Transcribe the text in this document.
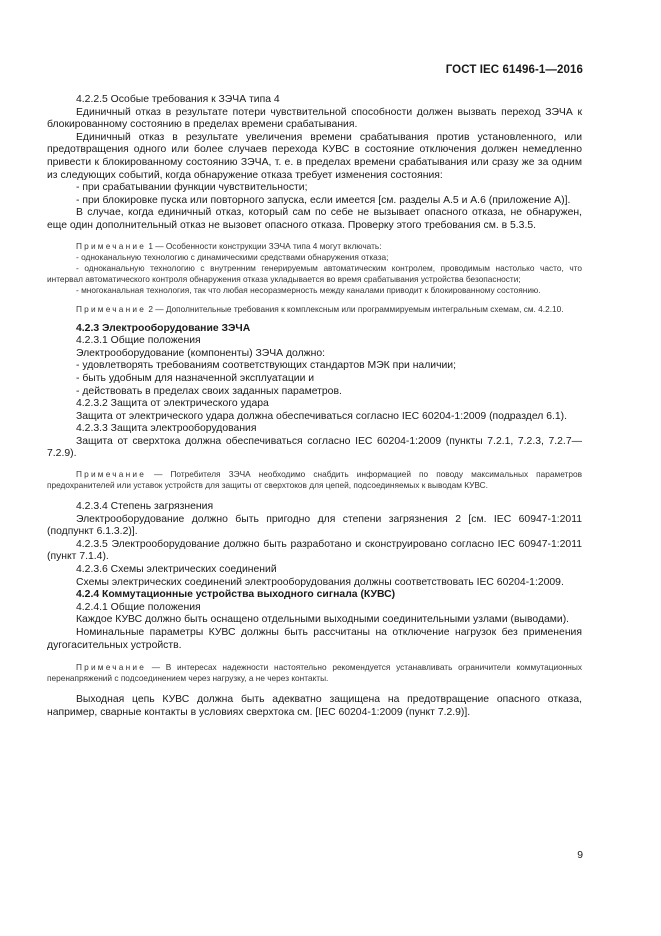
ГОСТ IEC 61496-1—2016

4.2.2.5 Особые требования к ЗЭЧА типа 4

Единичный отказ в результате потери чувствительной способности должен вызвать переход ЗЭЧА к блокированному состоянию в пределах времени срабатывания.

Единичный отказ в результате увеличения времени срабатывания против установленного, или предотвращения одного или более случаев перехода КУВС в состояние отключения должен немедленно привести к блокированному состоянию ЗЭЧА, т. е. в пределах времени срабатывания или сразу же за одним из следующих событий, когда обнаружение отказа требует изменения состояния:

- при срабатывании функции чувствительности;

- при блокировке пуска или повторного запуска, если имеется [см. разделы А.5 и А.6 (приложение А)].

В случае, когда единичный отказ, который сам по себе не вызывает опасного отказа, не обнаружен, еще один дополнительный отказ не вызовет опасного отказа. Проверку этого требования см. в 5.3.5.

Примечание 1 — Особенности конструкции ЗЭЧА типа 4 могут включать:

- одноканальную технологию с динамическими средствами обнаружения отказа;

- одноканальную технологию с внутренним генерируемым автоматическим контролем, проводимым настолько часто, что интервал автоматического контроля обнаружения отказа укладывается во время срабатывания устройства безопасности;

- многоканальная технология, так что любая несоразмерность между каналами приводит к блокированному состоянию.

Примечание 2 — Дополнительные требования к комплексным или программируемым интегральным схемам, см. 4.2.10.

4.2.3 Электрооборудование ЗЭЧА

4.2.3.1 Общие положения

Электрооборудование (компоненты) ЗЭЧА должно:

- удовлетворять требованиям соответствующих стандартов МЭК при наличии;

- быть удобным для назначенной эксплуатации и

- действовать в пределах своих заданных параметров.

4.2.3.2 Защита от электрического удара

Защита от электрического удара должна обеспечиваться согласно IEC 60204-1:2009 (подраздел 6.1).

4.2.3.3 Защита электрооборудования

Защита от сверхтока должна обеспечиваться согласно IEC 60204-1:2009 (пункты 7.2.1, 7.2.3, 7.2.7—7.2.9).

Примечание — Потребителя ЗЭЧА необходимо снабдить информацией по поводу максимальных параметров предохранителей или уставок устройств для защиты от сверхтоков для цепей, подсоединяемых к выводам КУВС.

4.2.3.4 Степень загрязнения

Электрооборудование должно быть пригодно для степени загрязнения 2 [см. IEC 60947-1:2011 (подпункт 6.1.3.2)].

4.2.3.5 Электрооборудование должно быть разработано и сконструировано согласно IEC 60947-1:2011 (пункт 7.1.4).

4.2.3.6 Схемы электрических соединений

Схемы электрических соединений электрооборудования должны соответствовать IEC 60204-1:2009.

4.2.4 Коммутационные устройства выходного сигнала (КУВС)

4.2.4.1 Общие положения

Каждое КУВС должно быть оснащено отдельными выходными соединительными узлами (выводами).

Номинальные параметры КУВС должны быть рассчитаны на отключение нагрузок без применения дугогасительных устройств.

Примечание — В интересах надежности настоятельно рекомендуется устанавливать ограничители коммутационных перенапряжений с подсоединением через нагрузку, а не через контакты.

Выходная цепь КУВС должна быть адекватно защищена на предотвращение опасного отказа, например, сварные контакты в условиях сверхтока см. [IEC 60204-1:2009 (пункт 7.2.9)].

9
